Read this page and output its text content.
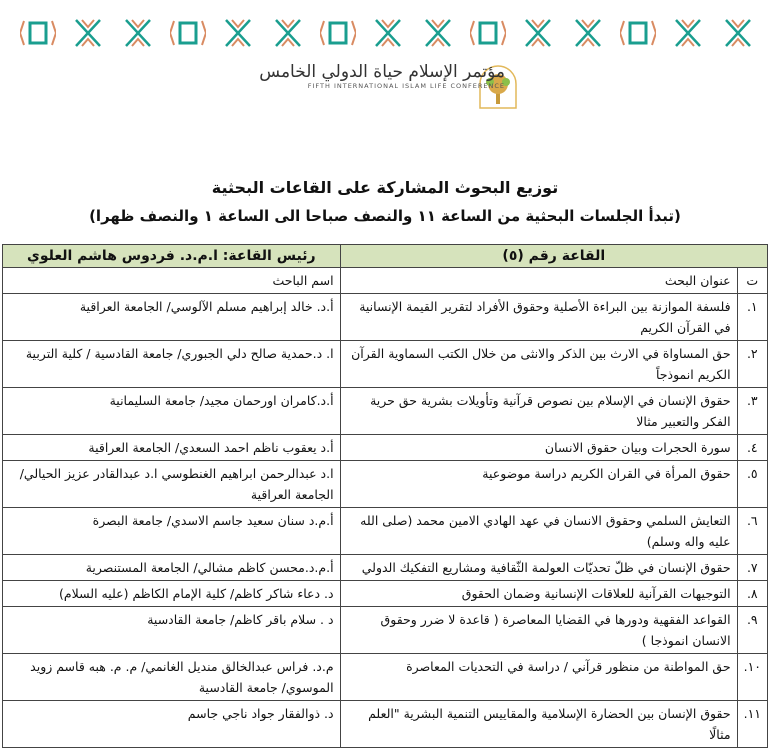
مؤتمر الإسلام حياة الدولي الخامس
FIFTH INTERNATIONAL ISLAM LIFE CONFERENCE
توزيع البحوث المشاركة على القاعات البحثية
(تبدأ الجلسات البحثية من الساعة ١١ والنصف صباحا الى الساعة ١ والنصف ظهرا)
القاعة رقم (٥)		رئيس القاعة: ا.م.د. فردوس هاشم العلوي
ت	عنوان البحث	اسم الباحث
١.	فلسفة الموازنة بين البراءة الأصلية وحقوق الأفراد لتقرير القيمة الإنسانية في القرآن الكريم	أ.د. خالد إبراهيم مسلم الآلوسي/ الجامعة العراقية
٢.	حق المساواة في الارث بين الذكر والانثى من خلال الكتب السماوية القرآن الكريم انموذجاً	ا. د.حمدية صالح دلي الجبوري/ جامعة القادسية / كلية التربية
٣.	حقوق الإنسان في الإسلام بين نصوص قرآنية وتأويلات بشرية حق حرية الفكر والتعبير مثالا	أ.د.كامران اورحمان مجيد/ جامعة السليمانية
٤.	سورة الحجرات وبيان حقوق الانسان	أ.د يعقوب ناظم احمد السعدي/ الجامعة العراقية
٥.	حقوق المرأة في القران الكريم دراسة موضوعية	ا.د عبدالرحمن ابراهيم الغنطوسي ا.د عبدالقادر عزيز الحيالي/ الجامعة العراقية
٦.	التعايش السلمي وحقوق الانسان في عهد الهادي الامين محمد (صلى الله عليه واله وسلم)	أ.م.د سنان سعيد جاسم الاسدي/ جامعة البصرة
٧.	حقوق الإنسان في ظلّ تحديّات العولمة الثّقافية ومشاريع التفكيك الدولي	أ.م.د.محسن كاظم مشالي/ الجامعة المستنصرية
٨.	التوجيهات القرآنية للعلاقات الإنسانية وضمان الحقوق	د. دعاء شاكر كاظم/ كلية الإمام الكاظم (عليه السلام)
٩.	القواعد الفقهية ودورها في القضايا المعاصرة ( قاعدة لا ضرر وحقوق الانسان انموذجا )	د . سلام باقر كاظم/ جامعة القادسية
١٠.	حق المواطنة من منظور قرآني / دراسة في التحديات المعاصرة	م.د. فراس عبدالخالق منديل الغانمي/ م. م. هبه قاسم زويد الموسوي/ جامعة القادسية
١١.	حقوق الإنسان بين الحضارة الإسلامية والمقاييس التنمية البشرية "العلم مثالًا	د. ذوالفقار جواد ناجي جاسم
